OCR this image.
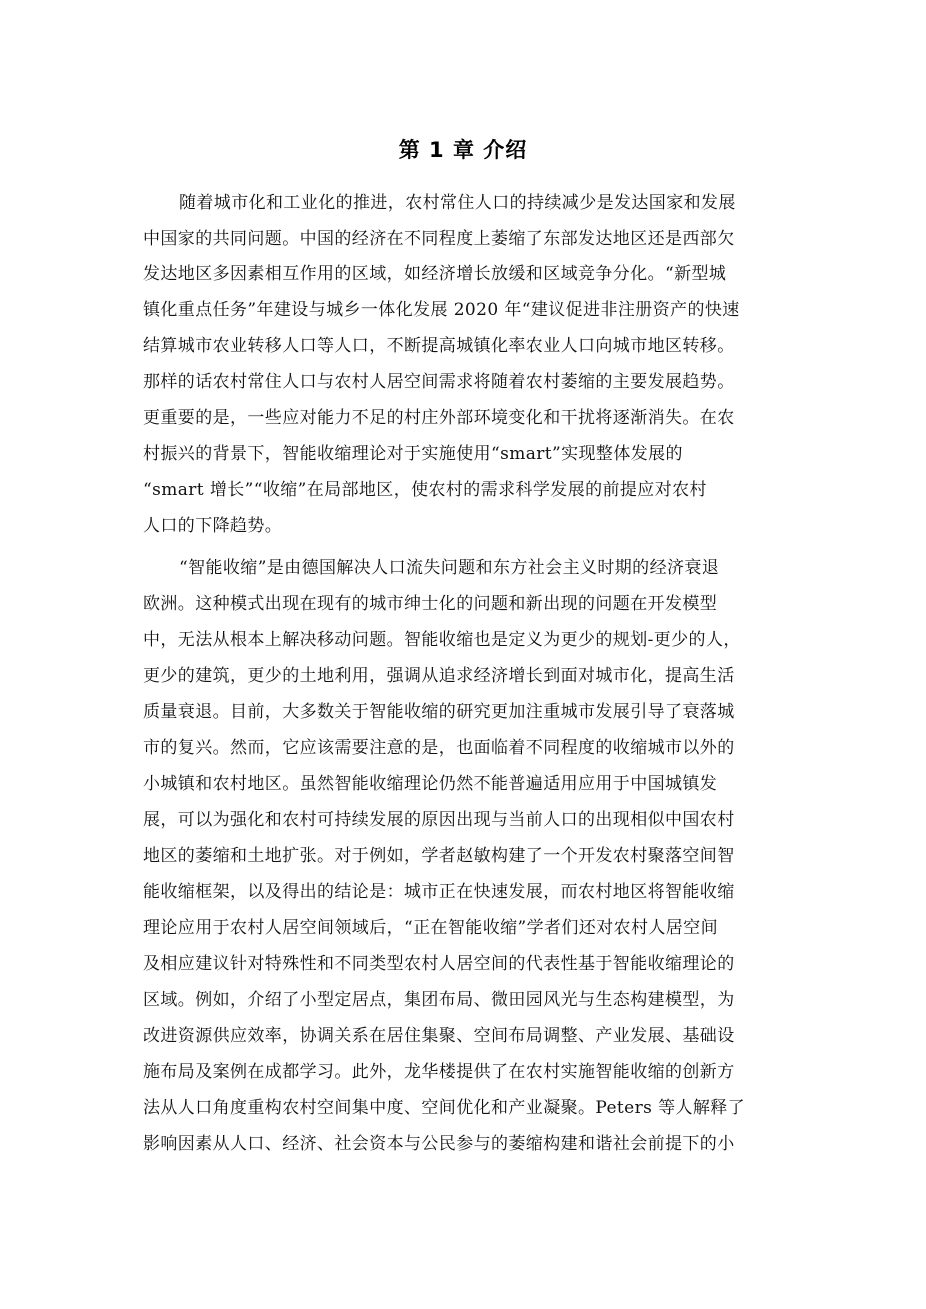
第 1 章 介绍
随着城市化和工业化的推进，农村常住人口的持续减少是发达国家和发展
中国家的共同问题。中国的经济在不同程度上萎缩了东部发达地区还是西部欠
发达地区多因素相互作用的区域，如经济增长放缓和区域竞争分化。“新型城
镇化重点任务”年建设与城乡一体化发展 2020 年“建议促进非注册资产的快速
结算城市农业转移人口等人口，不断提高城镇化率农业人口向城市地区转移。
那样的话农村常住人口与农村人居空间需求将随着农村萎缩的主要发展趋势。
更重要的是，一些应对能力不足的村庄外部环境变化和干扰将逐渐消失。在农
村振兴的背景下，智能收缩理论对于实施使用“smart”实现整体发展的
“smart 增长”“收缩”在局部地区，使农村的需求科学发展的前提应对农村
人口的下降趋势。
“智能收缩”是由德国解决人口流失问题和东方社会主义时期的经济衰退
欧洲。这种模式出现在现有的城市绅士化的问题和新出现的问题在开发模型
中，无法从根本上解决移动问题。智能收缩也是定义为更少的规划-更少的人，
更少的建筑，更少的土地利用，强调从追求经济增长到面对城市化，提高生活
质量衰退。目前，大多数关于智能收缩的研究更加注重城市发展引导了衰落城
市的复兴。然而，它应该需要注意的是，也面临着不同程度的收缩城市以外的
小城镇和农村地区。虽然智能收缩理论仍然不能普遍适用应用于中国城镇发
展，可以为强化和农村可持续发展的原因出现与当前人口的出现相似中国农村
地区的萎缩和土地扩张。对于例如，学者赵敏构建了一个开发农村聚落空间智
能收缩框架，以及得出的结论是：城市正在快速发展，而农村地区将智能收缩
理论应用于农村人居空间领域后，“正在智能收缩”学者们还对农村人居空间
及相应建议针对特殊性和不同类型农村人居空间的代表性基于智能收缩理论的
区域。例如，介绍了小型定居点，集团布局、微田园风光与生态构建模型，为
改进资源供应效率，协调关系在居住集聚、空间布局调整、产业发展、基础设
施布局及案例在成都学习。此外，龙华楼提供了在农村实施智能收缩的创新方
法从人口角度重构农村空间集中度、空间优化和产业凝聚。Peters 等人解释了
影响因素从人口、经济、社会资本与公民参与的萎缩构建和谐社会前提下的小
